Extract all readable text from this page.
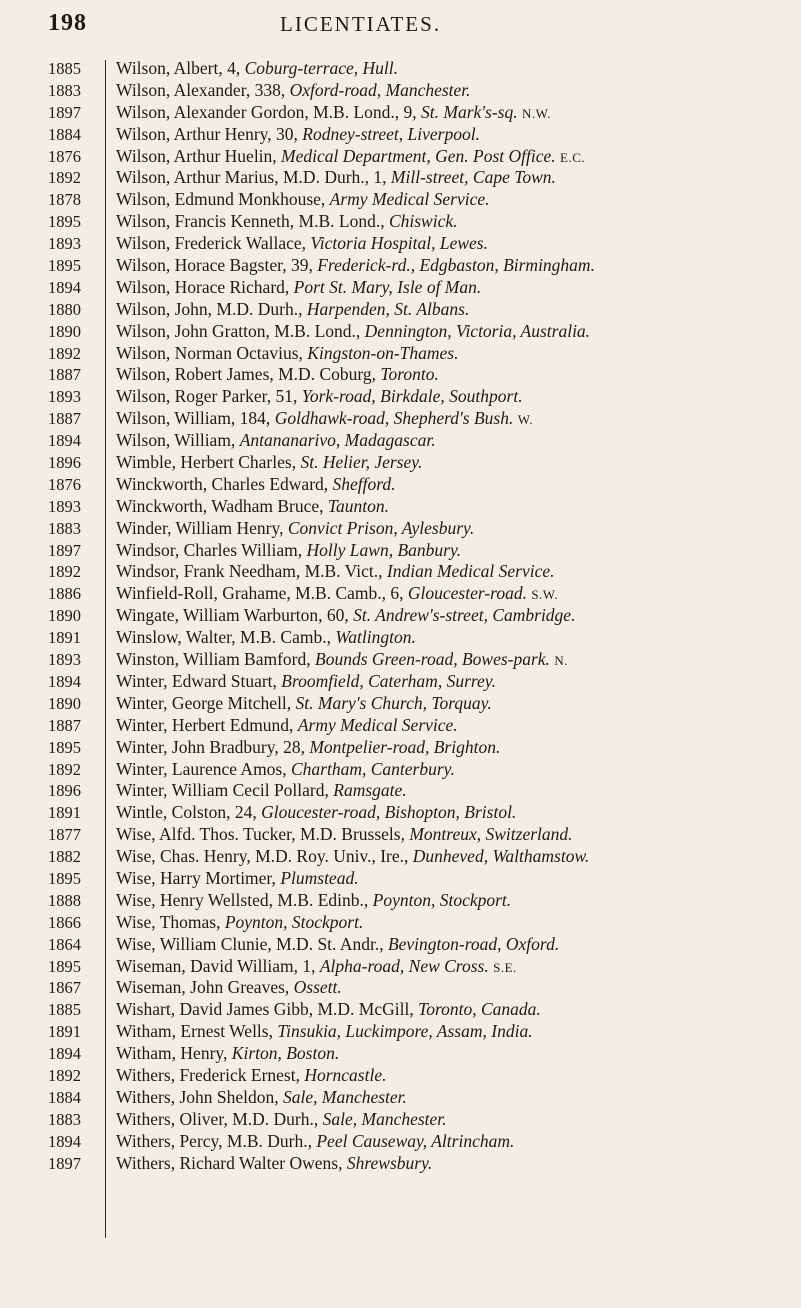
198	LICENTIATES.
1885 Wilson, Albert, 4, Coburg-terrace, Hull.
1883 Wilson, Alexander, 338, Oxford-road, Manchester.
1897 Wilson, Alexander Gordon, M.B. Lond., 9, St. Mark's-sq. N.W.
1884 Wilson, Arthur Henry, 30, Rodney-street, Liverpool.
1876 Wilson, Arthur Huelin, Medical Department, Gen. Post Office. E.C.
1892 Wilson, Arthur Marius, M.D. Durh., 1, Mill-street, Cape Town.
1878 Wilson, Edmund Monkhouse, Army Medical Service.
1895 Wilson, Francis Kenneth, M.B. Lond., Chiswick.
1893 Wilson, Frederick Wallace, Victoria Hospital, Lewes.
1895 Wilson, Horace Bagster, 39, Frederick-rd., Edgbaston, Birmingham.
1894 Wilson, Horace Richard, Port St. Mary, Isle of Man.
1880 Wilson, John, M.D. Durh., Harpenden, St. Albans.
1890 Wilson, John Gratton, M.B. Lond., Dennington, Victoria, Australia.
1892 Wilson, Norman Octavius, Kingston-on-Thames.
1887 Wilson, Robert James, M.D. Coburg, Toronto.
1893 Wilson, Roger Parker, 51, York-road, Birkdale, Southport.
1887 Wilson, William, 184, Goldhawk-road, Shepherd's Bush. W.
1894 Wilson, William, Antananarivo, Madagascar.
1896 Wimble, Herbert Charles, St. Helier, Jersey.
1876 Winckworth, Charles Edward, Shefford.
1893 Winckworth, Wadham Bruce, Taunton.
1883 Winder, William Henry, Convict Prison, Aylesbury.
1897 Windsor, Charles William, Holly Lawn, Banbury.
1892 Windsor, Frank Needham, M.B. Vict., Indian Medical Service.
1886 Winfield-Roll, Grahame, M.B. Camb., 6, Gloucester-road. S.W.
1890 Wingate, William Warburton, 60, St. Andrew's-street, Cambridge.
1891 Winslow, Walter, M.B. Camb., Watlington.
1893 Winston, William Bamford, Bounds Green-road, Bowes-park. N.
1894 Winter, Edward Stuart, Broomfield, Caterham, Surrey.
1890 Winter, George Mitchell, St. Mary's Church, Torquay.
1887 Winter, Herbert Edmund, Army Medical Service.
1895 Winter, John Bradbury, 28, Montpelier-road, Brighton.
1892 Winter, Laurence Amos, Chartham, Canterbury.
1896 Winter, William Cecil Pollard, Ramsgate.
1891 Wintle, Colston, 24, Gloucester-road, Bishopton, Bristol.
1877 Wise, Alfd. Thos. Tucker, M.D. Brussels, Montreux, Switzerland.
1882 Wise, Chas. Henry, M.D. Roy. Univ., Ire., Dunheved, Walthamstow.
1895 Wise, Harry Mortimer, Plumstead.
1888 Wise, Henry Wellsted, M.B. Edinb., Poynton, Stockport.
1866 Wise, Thomas, Poynton, Stockport.
1864 Wise, William Clunie, M.D. St. Andr., Bevington-road, Oxford.
1895 Wiseman, David William, 1, Alpha-road, New Cross. S.E.
1867 Wiseman, John Greaves, Ossett.
1885 Wishart, David James Gibb, M.D. McGill, Toronto, Canada.
1891 Witham, Ernest Wells, Tinsukia, Luckimpore, Assam, India.
1894 Witham, Henry, Kirton, Boston.
1892 Withers, Frederick Ernest, Horncastle.
1884 Withers, John Sheldon, Sale, Manchester.
1883 Withers, Oliver, M.D. Durh., Sale, Manchester.
1894 Withers, Percy, M.B. Durh., Peel Causeway, Altrincham.
1897 Withers, Richard Walter Owens, Shrewsbury.
